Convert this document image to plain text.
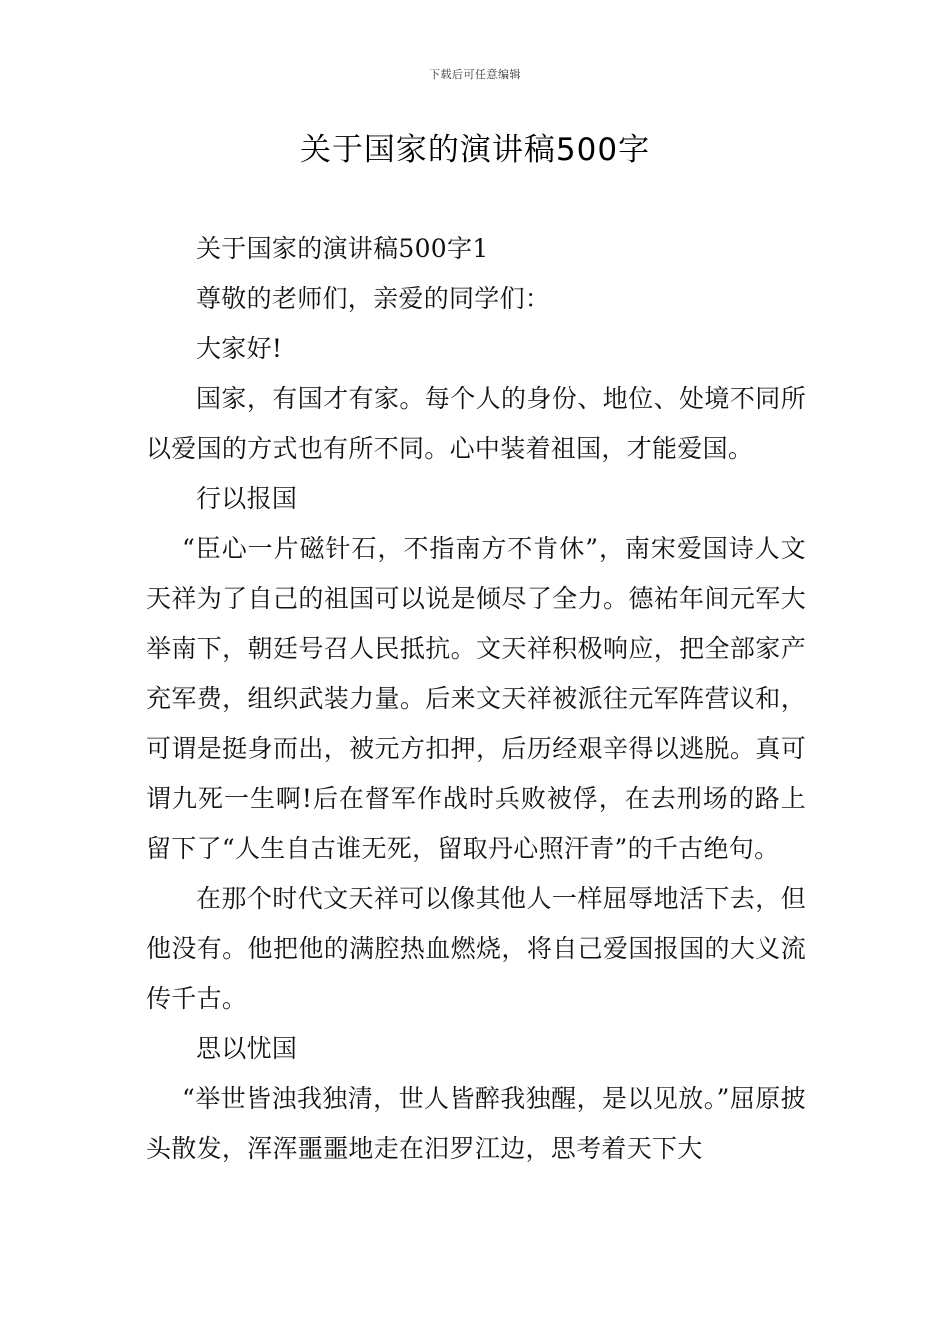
下载后可任意编辑
关于国家的演讲稿500字

关于国家的演讲稿500字1

尊敬的老师们，亲爱的同学们：

大家好!

国家，有国才有家。每个人的身份、地位、处境不同所以爱国的方式也有所不同。心中装着祖国，才能爱国。

行以报国

“臣心一片磁针石，不指南方不肯休”，南宋爱国诗人文天祥为了自己的祖国可以说是倾尽了全力。德祐年间元军大举南下，朝廷号召人民抵抗。文天祥积极响应，把全部家产充军费，组织武装力量。后来文天祥被派往元军阵营议和，可谓是挺身而出，被元方扣押，后历经艰辛得以逃脱。真可谓九死一生啊!后在督军作战时兵败被俘，在去刑场的路上留下了“人生自古谁无死，留取丹心照汗青”的千古绝句。

在那个时代文天祥可以像其他人一样屈辱地活下去，但他没有。他把他的满腔热血燃烧，将自己爱国报国的大义流传千古。

思以忧国

“举世皆浊我独清，世人皆醉我独醒，是以见放。”屈原披头散发，浑浑噩噩地走在汨罗江边，思考着天下大
